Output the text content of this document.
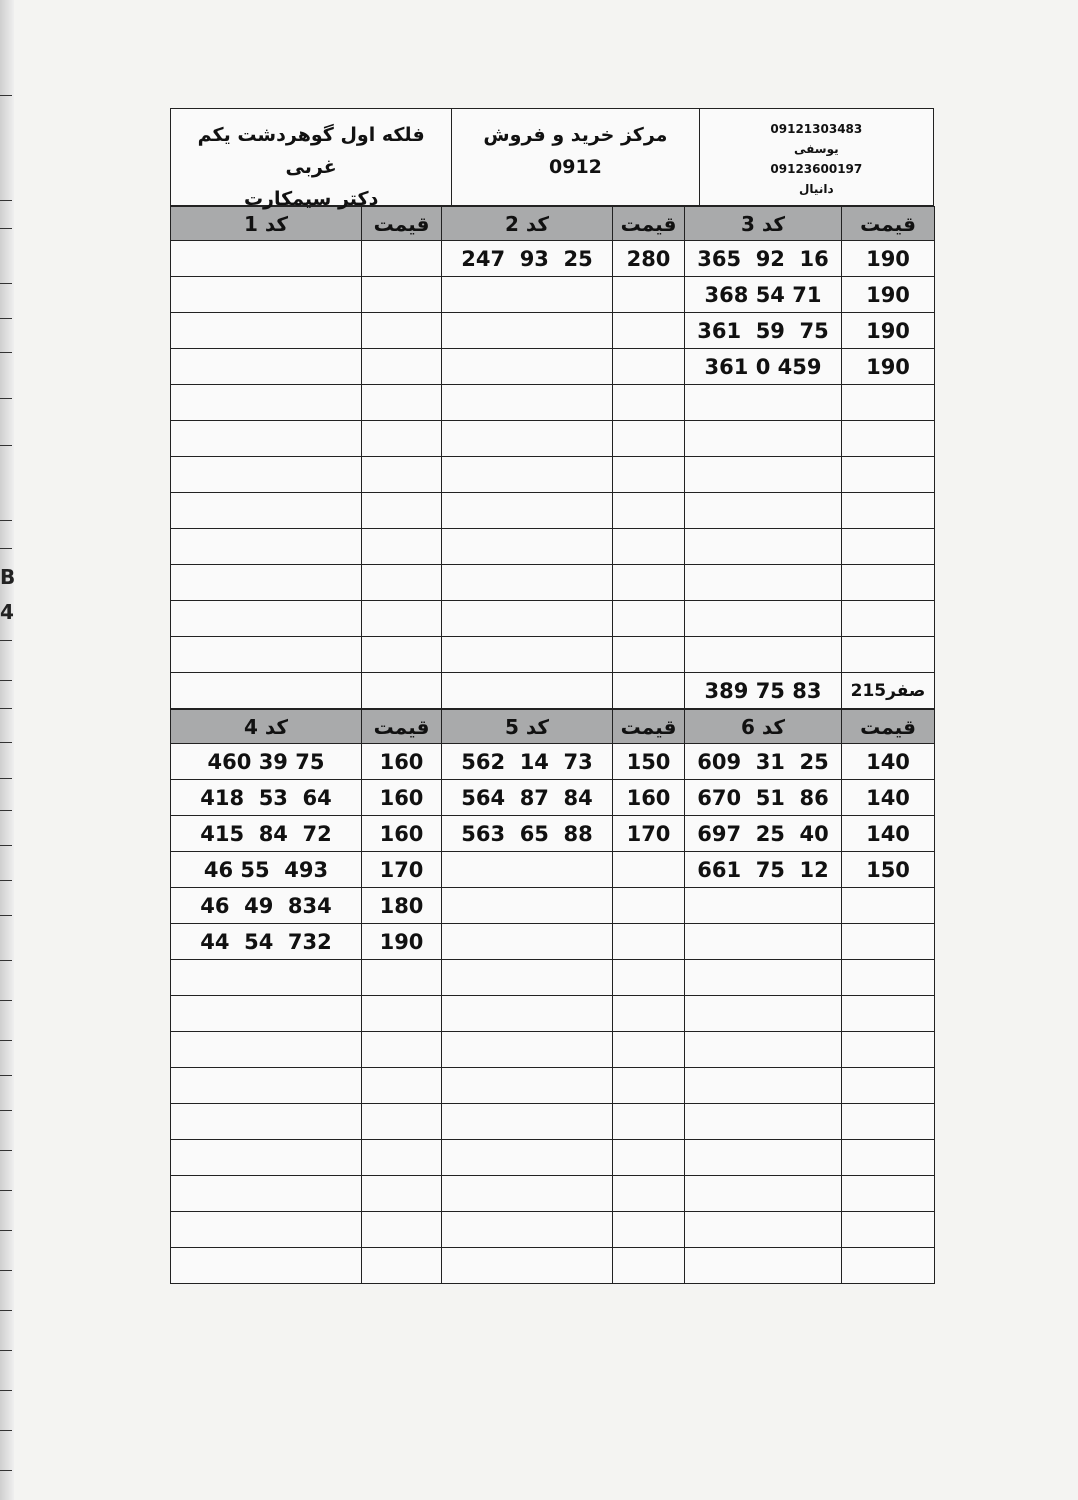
B
4
فلکه اول گوهردشت یکم غربی
دکتر سیمکارت
مرکز خرید و فروش
0912
09121303483
یوسفی
09123600197
دانیال
کد 1	قیمت	کد 2	قیمت	کد 3	قیمت
		247  93  25	280	365  92  16	190
				368 54 71	190
				361  59  75	190
				361 0 459	190

				389 75 83	صفر215
کد 4	قیمت	کد 5	قیمت	کد 6	قیمت
460 39 75	160	562  14  73	150	609  31  25	140
418  53  64	160	564  87  84	160	670  51  86	140
415  84  72	160	563  65  88	170	697  25  40	140
46 55  493	170			661  75  12	150
46  49  834	180				
44  54  732	190				
